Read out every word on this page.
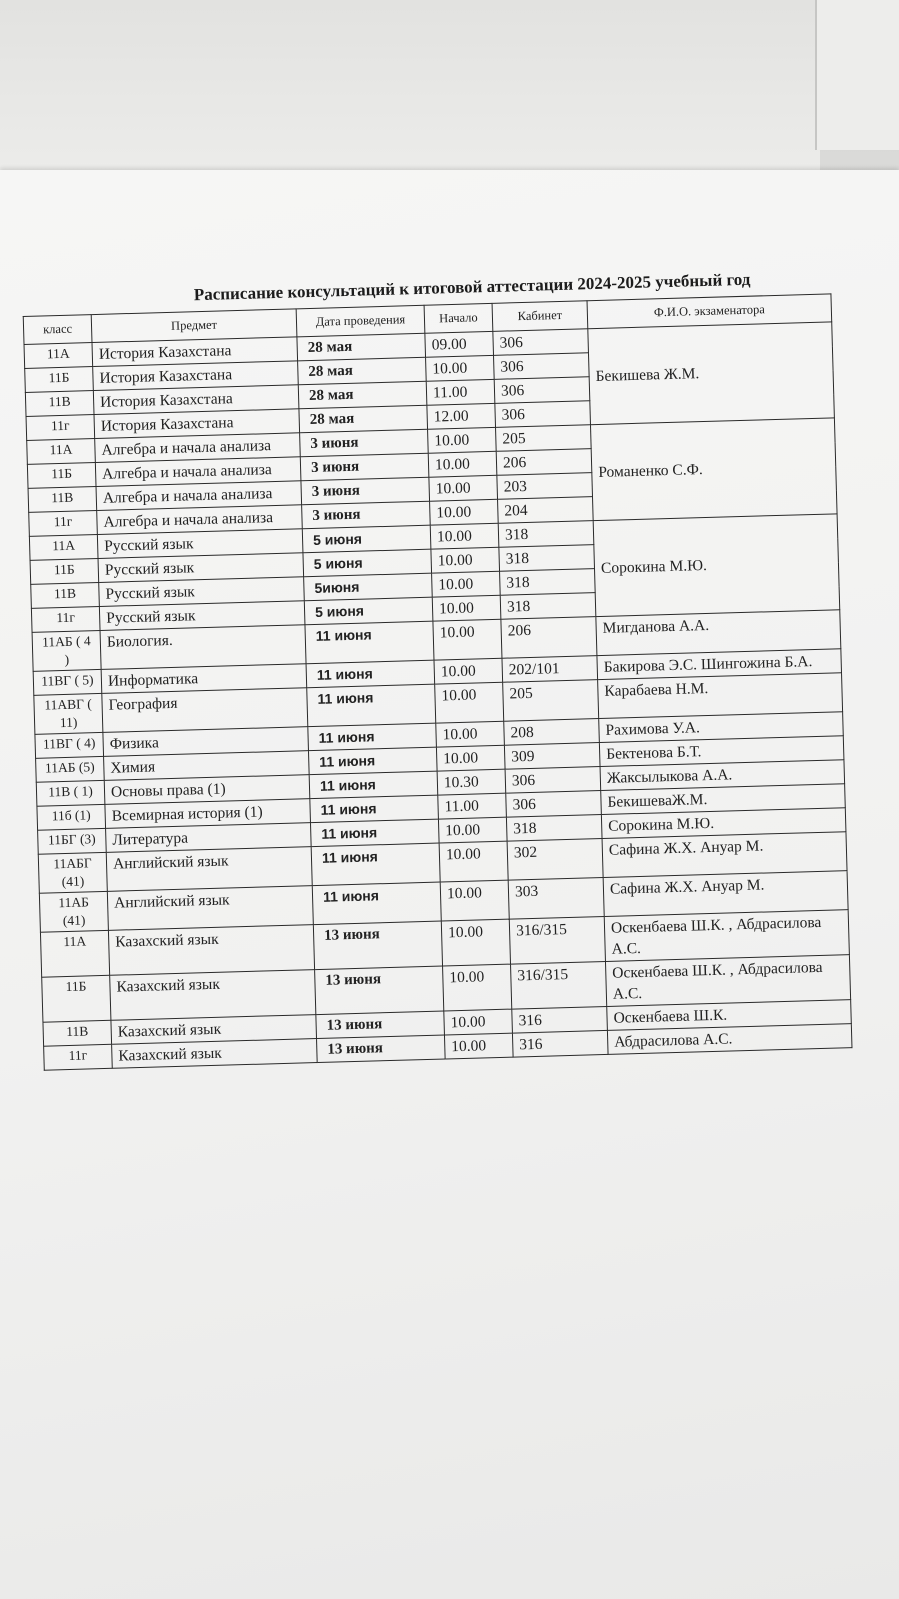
Расписание консультаций к итоговой аттестации 2024-2025 учебный год
класс	Предмет	Дата проведения	Начало	Кабинет	Ф.И.О. экзаменатора
11А	История Казахстана	28 мая	09.00	306	Бекишева Ж.М.
11Б	История Казахстана	28 мая	10.00	306	
11В	История Казахстана	28 мая	11.00	306	
11г	История Казахстана	28 мая	12.00	306	
11А	Алгебра и начала анализа	3 июня	10.00	205	Романенко С.Ф.
11Б	Алгебра и начала анализа	3 июня	10.00	206	
11В	Алгебра и начала анализа	3 июня	10.00	203	
11г	Алгебра и начала анализа	3 июня	10.00	204	
11А	Русский язык	5 июня	10.00	318	Сорокина М.Ю.
11Б	Русский язык	5 июня	10.00	318	
11В	Русский язык	5июня	10.00	318	
11г	Русский язык	5 июня	10.00	318	
11АБ ( 4 )	Биология.	11 июня	10.00	206	Мигданова А.А.
11ВГ ( 5)	Информатика	11 июня	10.00	202/101	Бакирова Э.С. Шингожина Б.А.
11АВГ ( 11)	География	11 июня	10.00	205	Карабаева Н.М.
11ВГ ( 4)	Физика	11 июня	10.00	208	Рахимова У.А.
11АБ (5)	Химия	11 июня	10.00	309	Бектенова Б.Т.
11В ( 1)	Основы права (1)	11 июня	10.30	306	Жаксылыкова А.А.
11б (1)	Всемирная история (1)	11 июня	11.00	306	БекишеваЖ.М.
11БГ (3)	Литература	11 июня	10.00	318	Сорокина М.Ю.
11АБГ (41)	Английский язык	11 июня	10.00	302	Сафина Ж.Х. Ануар М.
11АБ (41)	Английский язык	11 июня	10.00	303	Сафина Ж.Х. Ануар М.
11А	Казахский язык	13 июня	10.00	316/315	Оскенбаева Ш.К. , Абдрасилова А.С.
11Б	Казахский язык	13 июня	10.00	316/315	Оскенбаева Ш.К. , Абдрасилова А.С.
11В	Казахский язык	13 июня	10.00	316	Оскенбаева Ш.К.
11г	Казахский язык	13 июня	10.00	316	Абдрасилова А.С.
